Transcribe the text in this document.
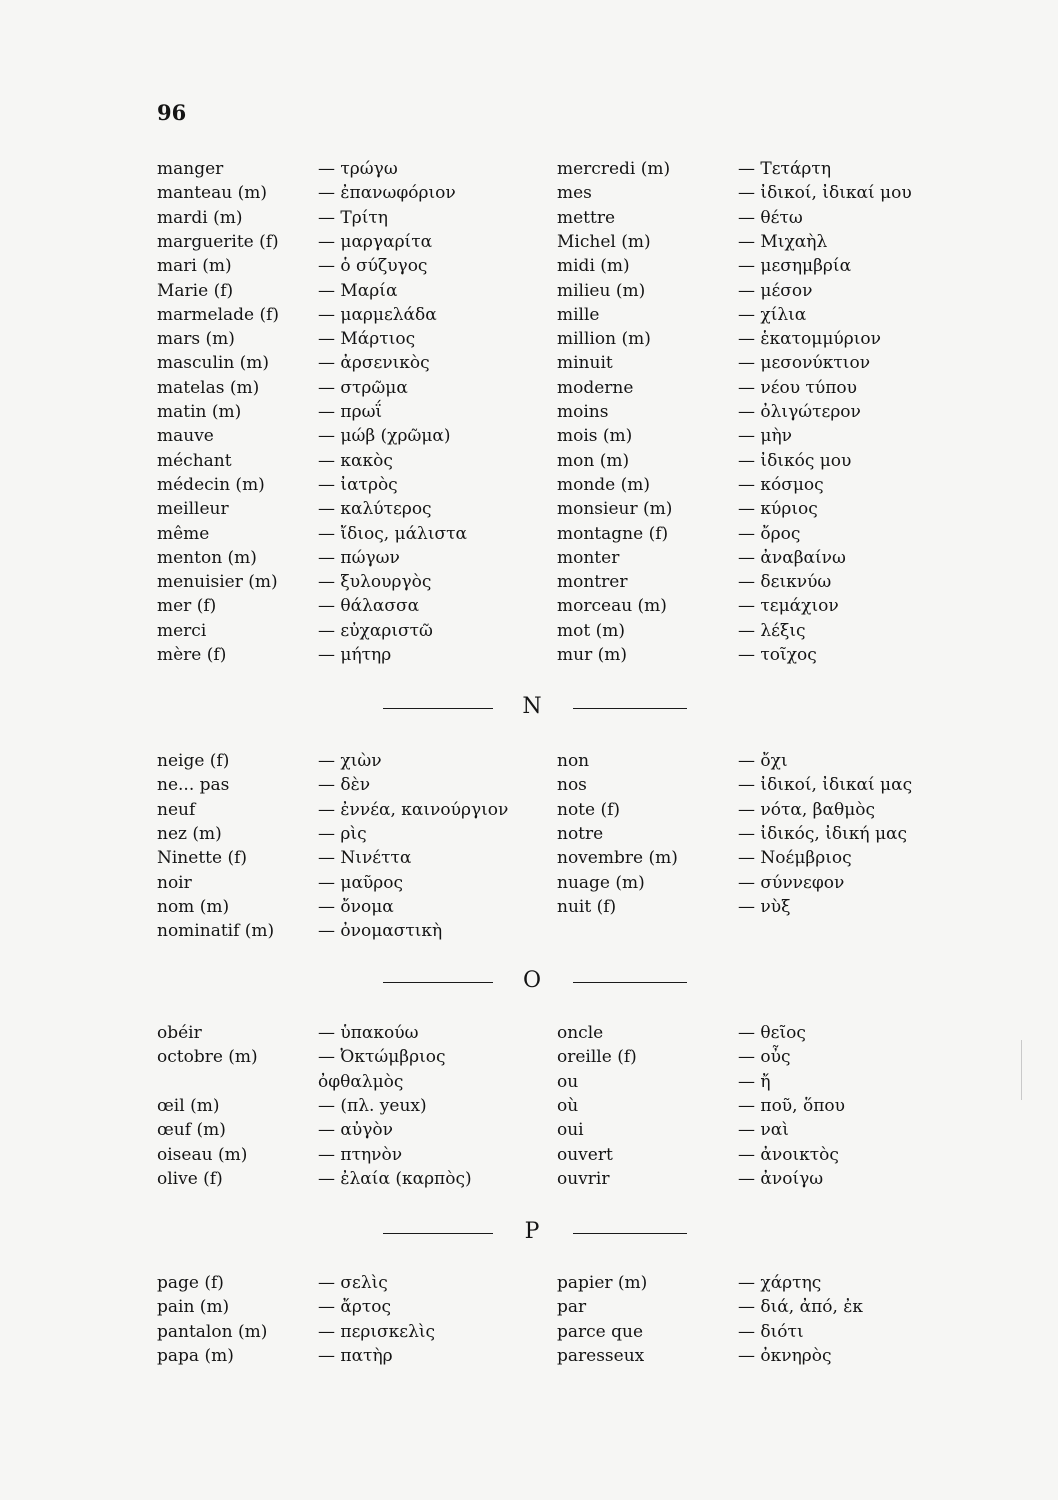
96
manger	— τρώγω
manteau (m)	— ἐπανωφόριον
mardi (m)	— Τρίτη
marguerite (f) — μαργαρίτα
mari (m)	— ὁ σύζυγος
Marie (f)	— Μαρία
marmelade (f) — μαρμελάδα
mars (m)	— Μάρτιος
masculin (m)	— ἀρσενικὸς
matelas (m)	— στρῶμα
matin (m)	— πρωΐ
mauve	— μώβ (χρῶμα)
méchant	— κακὸς
médecin (m)	— ἰατρὸς
meilleur	— καλύτερος
même	— ἴδιος, μάλιστα
menton (m)	— πώγων
menuisier (m) — ξυλουργὸς
mer (f)	— θάλασσα
merci	— εὐχαριστῶ
mère (f)	— μήτηρ
mercredi (m)	— Τετάρτη
mes	— ἰδικοί, ἰδικαί μου
mettre	— θέτω
Michel (m)	— Μιχαὴλ
midi (m)	— μεσημβρία
milieu (m)	— μέσον
mille	— χίλια
million (m)	— ἑκατομμύριον
minuit	— μεσονύκτιον
moderne	— νέου τύπου
moins	— ὀλιγώτερον
mois (m)	— μὴν
mon (m)	— ἰδικός μου
monde (m)	— κόσμος
monsieur (m)	— κύριος
montagne (f)	— ὄρος
monter	— ἀναβαίνω
montrer	— δεικνύω
morceau (m)	— τεμάχιον
mot (m)	— λέξις
mur (m)	— τοῖχος
N
neige (f)	— χιὼν
ne... pas	— δὲν
neuf	— ἐννέα, καινούργιον
nez (m)	— ρὶς
Ninette (f)	— Νινέττα
noir	— μαῦρος
nom (m)	— ὄνομα
nominatif (m)	— ὀνομαστικὴ
non	— ὄχι
nos	— ἰδικοί, ἰδικαί μας
note (f)	— νότα, βαθμὸς
notre	— ἰδικός, ἰδική μας
novembre (m)	— Νοέμβριος
nuage (m)	— σύννεφον
nuit (f)	— νὺξ
O
obéir	— ὑπακούω
octobre (m)	— Ὀκτώμβριος
ὀφθαλμὸς
œil (m)	— (πλ. yeux)
œuf (m)	— αὐγὸν
oiseau (m)	— πτηνὸν
olive (f)	— ἐλαία (καρπὸς)
oncle	— θεῖος
oreille (f)	— οὖς
ou	— ἤ
où	— ποῦ, ὅπου
oui	— ναὶ
ouvert	— ἀνοικτὸς
ouvrir	— ἀνοίγω
P
page (f)	— σελὶς
pain (m)	— ἄρτος
pantalon (m)	— περισκελὶς
papa (m)	— πατὴρ
papier (m)	— χάρτης
par	— διά, ἀπό, ἐκ
parce que	— διότι
paresseux	— ὀκνηρὸς
